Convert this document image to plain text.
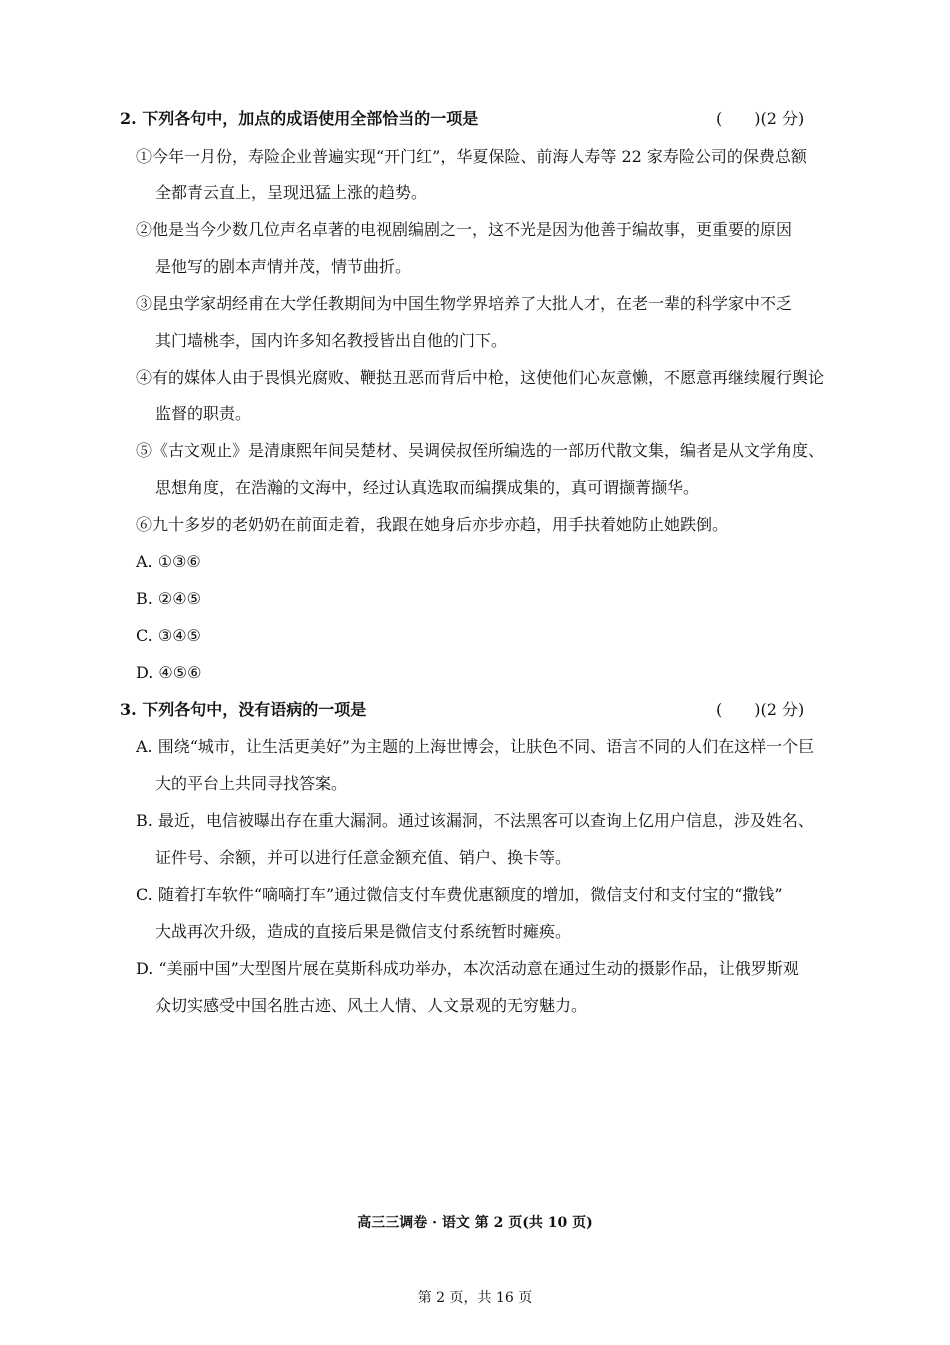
2. 下列各句中，加点的成语使用全部恰当的一项是	(　　)(2 分)
①今年一月份，寿险企业普遍实现“开门红”，华夏保险、前海人寿等 22 家寿险公司的保费总额
全都青云直上，呈现迅猛上涨的趋势。
②他是当今少数几位声名卓著的电视剧编剧之一，这不光是因为他善于编故事，更重要的原因
是他写的剧本声情并茂，情节曲折。
③昆虫学家胡经甫在大学任教期间为中国生物学界培养了大批人才，在老一辈的科学家中不乏
其门墙桃李，国内许多知名教授皆出自他的门下。
④有的媒体人由于畏惧光腐败、鞭挞丑恶而背后中枪，这使他们心灰意懒，不愿意再继续履行舆论
监督的职责。
⑤《古文观止》是清康熙年间吴楚材、吴调侯叔侄所编选的一部历代散文集，编者是从文学角度、
思想角度，在浩瀚的文海中，经过认真选取而编撰成集的，真可谓撷菁撷华。
⑥九十多岁的老奶奶在前面走着，我跟在她身后亦步亦趋，用手扶着她防止她跌倒。
A. ①③⑥
B. ②④⑤
C. ③④⑤
D. ④⑤⑥
3. 下列各句中，没有语病的一项是	(　　)(2 分)
A. 围绕“城市，让生活更美好”为主题的上海世博会，让肤色不同、语言不同的人们在这样一个巨
大的平台上共同寻找答案。
B. 最近，电信被曝出存在重大漏洞。通过该漏洞，不法黑客可以查询上亿用户信息，涉及姓名、
证件号、余额，并可以进行任意金额充值、销户、换卡等。
C. 随着打车软件“嘀嘀打车”通过微信支付车费优惠额度的增加，微信支付和支付宝的“撒钱”
大战再次升级，造成的直接后果是微信支付系统暂时瘫痪。
D. “美丽中国”大型图片展在莫斯科成功举办，本次活动意在通过生动的摄影作品，让俄罗斯观
众切实感受中国名胜古迹、风土人情、人文景观的无穷魅力。
高三三调卷 · 语文 第 2 页(共 10 页)
第 2 页，共 16 页
